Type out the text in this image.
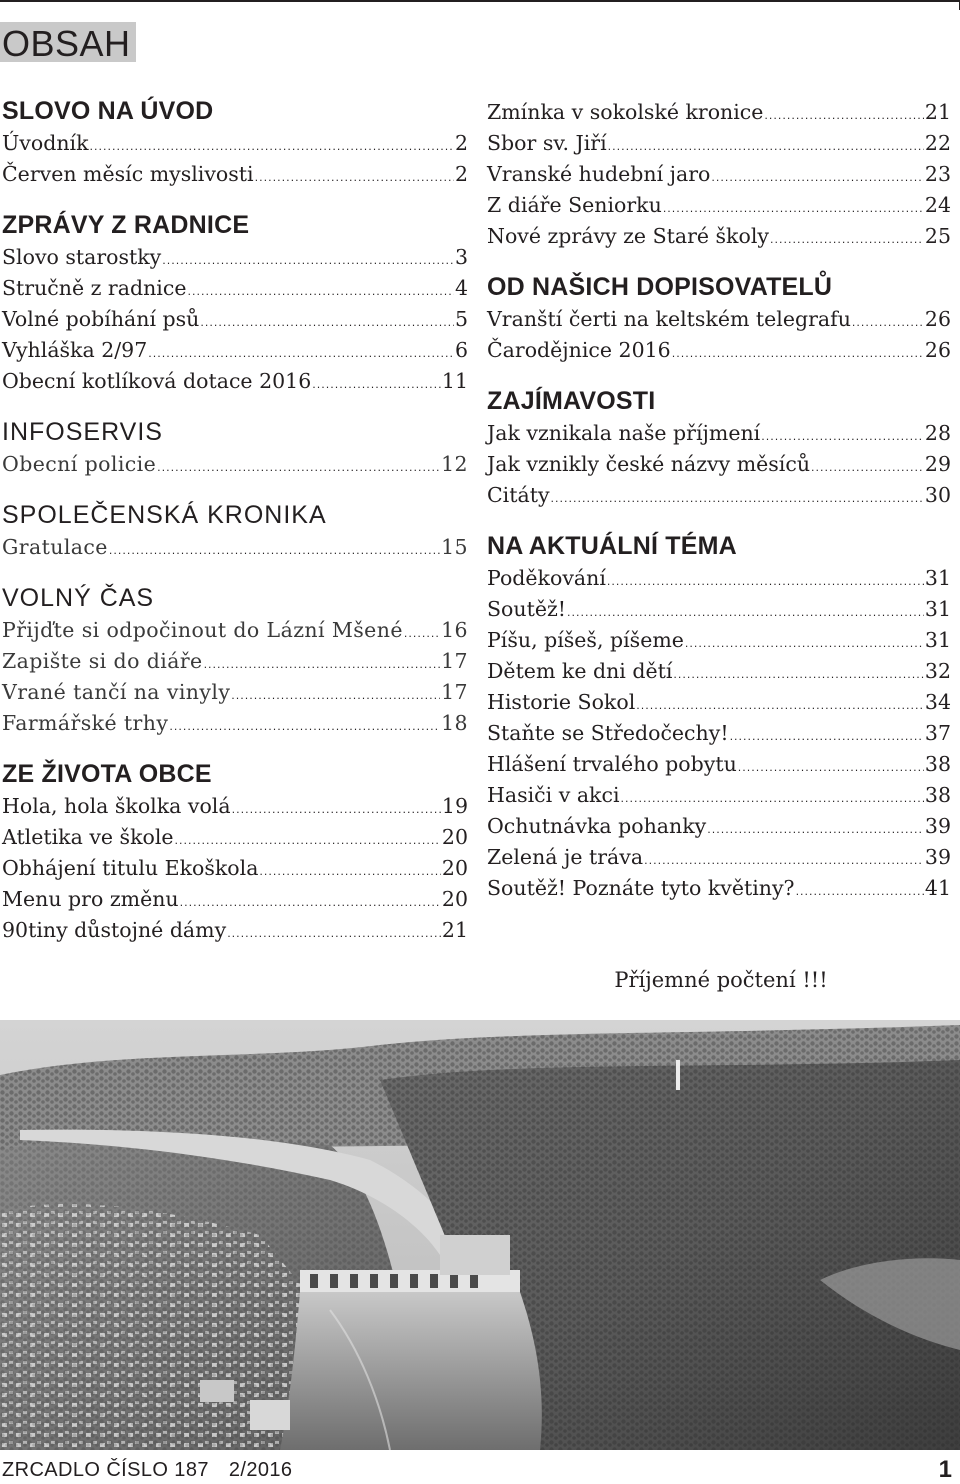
OBSAH
SLOVO NA ÚVOD
Úvodník .....	2
Červen měsíc myslivosti .....	2
ZPRÁVY Z RADNICE
Slovo starostky .....	3
Stručně z radnice .....	4
Volné pobíhání psů .....	5
Vyhláška 2/97 .....	6
Obecní kotlíková dotace 2016 .....	11
INFOSERVIS
Obecní policie .....	12
SPOLEČENSKÁ KRONIKA
Gratulace .....	15
VOLNÝ ČAS
Přijďte si odpočinout do Lázní Mšené ..... 16
Zapište si do diáře .....	17
Vrané tančí na vinyly .....	17
Farmářské trhy .....	18
ZE ŽIVOTA OBCE
Hola, hola školka volá .....	19
Atletika ve škole .....	20
Obhájení titulu Ekoškola .....	20
Menu pro změnu .....	20
90tiny důstojné dámy .....	21
Zmínka v sokolské kronice .....	21
Sbor sv. Jiří .....	22
Vranské hudební jaro .....	23
Z diáře Seniorku .....	24
Nové zprávy ze Staré školy .....	25
OD NAŠICH DOPISOVATELŮ
Vranští čerti na keltském telegrafu .....	26
Čarodějnice 2016 .....	26
ZAJÍMAVOSTI
Jak vznikala naše příjmení .....	28
Jak vznikly české názvy měsíců .....	29
Citáty .....	30
NA AKTUÁLNÍ TÉMA
Poděkování .....	31
Soutěž! .....	31
Píšu, píšeš, píšeme .....	31
Dětem ke dni dětí .....	32
Historie Sokol .....	34
Staňte se Středočechy! .....	37
Hlášení trvalého pobytu .....	38
Hasiči v akci .....	38
Ochutnávka pohanky .....	39
Zelená je tráva .....	39
Soutěž! Poznáte tyto květiny? .....	41
Příjemné počtení !!!
ZRCADLO ČÍSLO 187 2/2016	1
